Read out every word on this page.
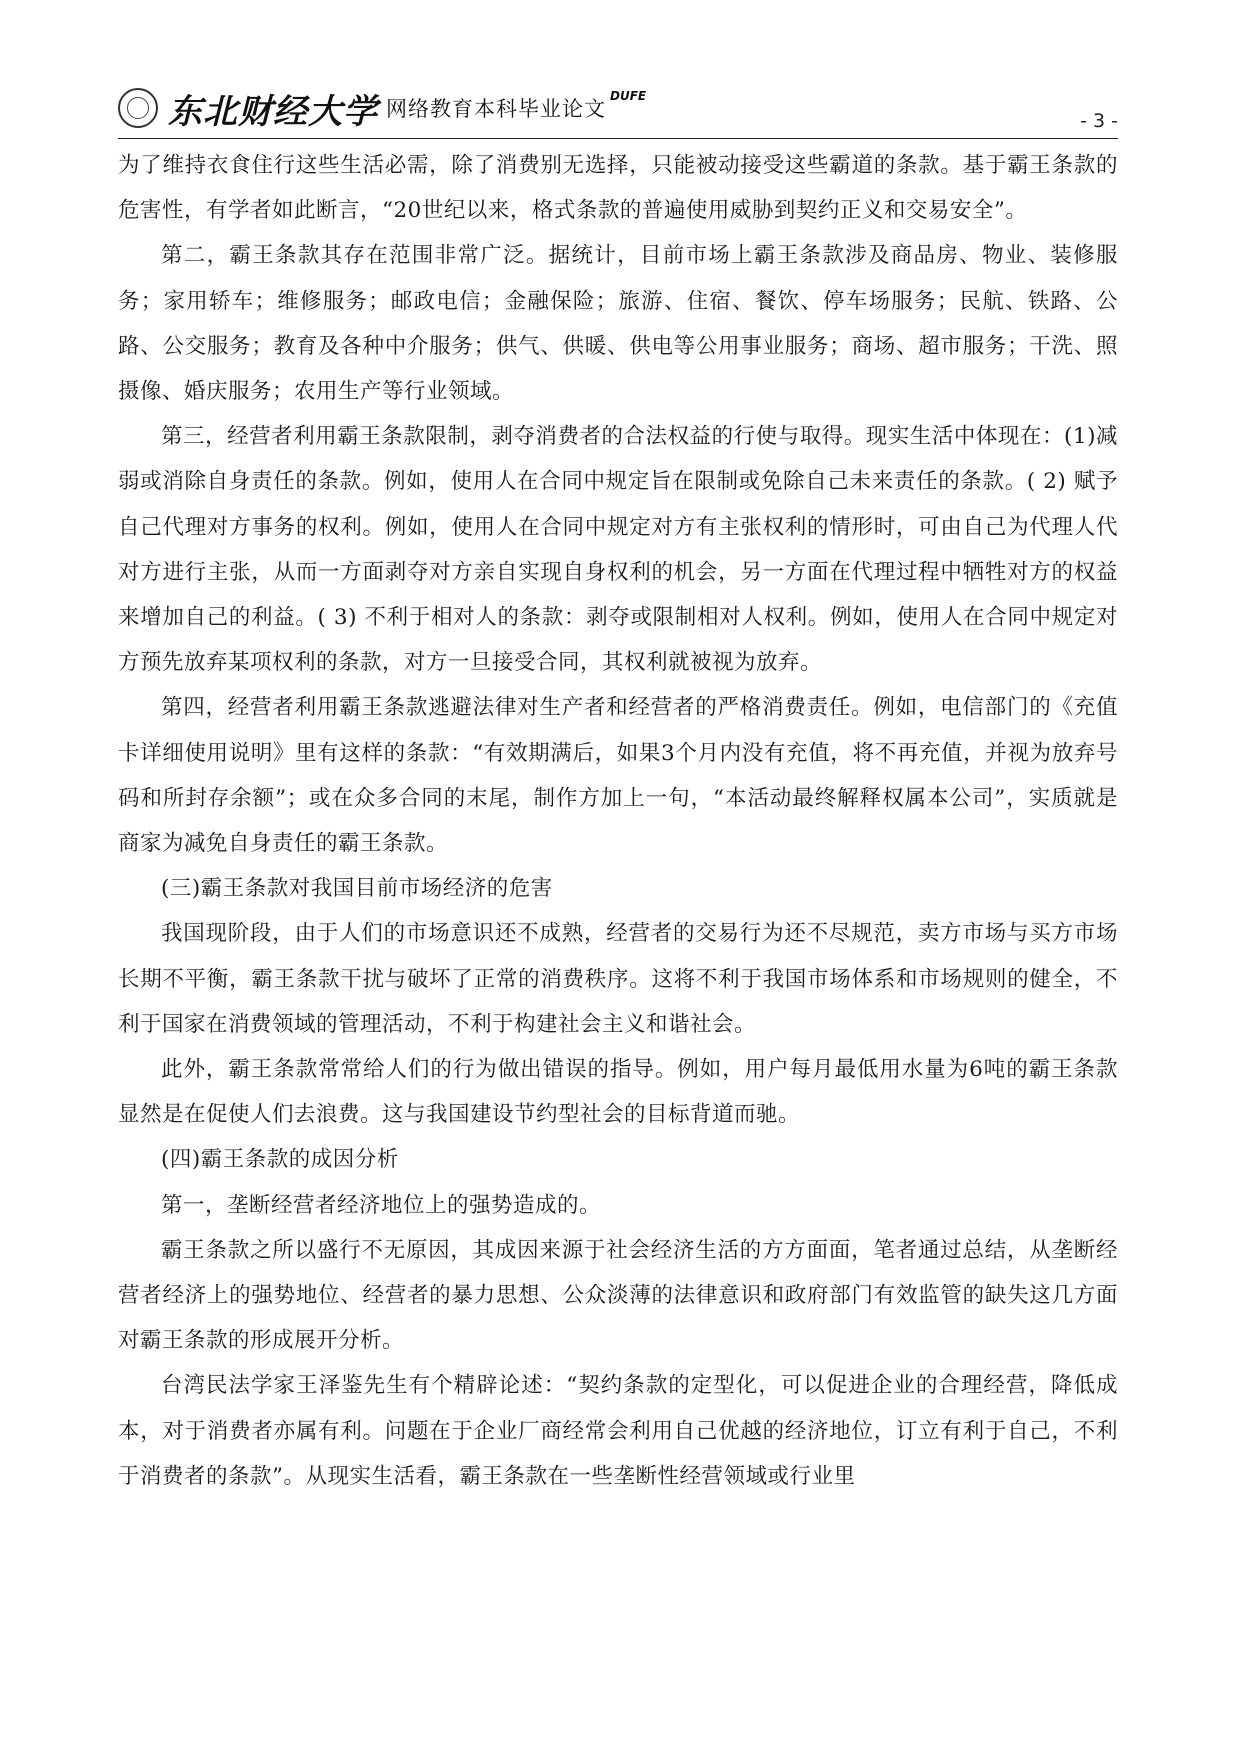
东北财经大学 网络教育本科毕业论文
DUFE
- 3 -

为了维持衣食住行这些生活必需，除了消费别无选择，只能被动接受这些霸道的条款。基于霸王条款的危害性，有学者如此断言，“20世纪以来，格式条款的普遍使用威胁到契约正义和交易安全”。

第二，霸王条款其存在范围非常广泛。据统计，目前市场上霸王条款涉及商品房、物业、装修服务；家用轿车；维修服务；邮政电信；金融保险；旅游、住宿、餐饮、停车场服务；民航、铁路、公路、公交服务；教育及各种中介服务；供气、供暖、供电等公用事业服务；商场、超市服务；干洗、照摄像、婚庆服务；农用生产等行业领域。

第三，经营者利用霸王条款限制，剥夺消费者的合法权益的行使与取得。现实生活中体现在：(1)减弱或消除自身责任的条款。例如，使用人在合同中规定旨在限制或免除自己未来责任的条款。( 2) 赋予自己代理对方事务的权利。例如，使用人在合同中规定对方有主张权利的情形时，可由自己为代理人代对方进行主张，从而一方面剥夺对方亲自实现自身权利的机会，另一方面在代理过程中牺牲对方的权益来增加自己的利益。( 3) 不利于相对人的条款：剥夺或限制相对人权利。例如，使用人在合同中规定对方预先放弃某项权利的条款，对方一旦接受合同，其权利就被视为放弃。

第四，经营者利用霸王条款逃避法律对生产者和经营者的严格消费责任。例如，电信部门的《充值卡详细使用说明》里有这样的条款：“有效期满后，如果3个月内没有充值，将不再充值，并视为放弃号码和所封存余额”；或在众多合同的末尾，制作方加上一句，“本活动最终解释权属本公司”，实质就是商家为减免自身责任的霸王条款。

(三)霸王条款对我国目前市场经济的危害

我国现阶段，由于人们的市场意识还不成熟，经营者的交易行为还不尽规范，卖方市场与买方市场长期不平衡，霸王条款干扰与破坏了正常的消费秩序。这将不利于我国市场体系和市场规则的健全，不利于国家在消费领域的管理活动，不利于构建社会主义和谐社会。

此外，霸王条款常常给人们的行为做出错误的指导。例如，用户每月最低用水量为6吨的霸王条款显然是在促使人们去浪费。这与我国建设节约型社会的目标背道而驰。

(四)霸王条款的成因分析

第一，垄断经营者经济地位上的强势造成的。

霸王条款之所以盛行不无原因，其成因来源于社会经济生活的方方面面，笔者通过总结，从垄断经营者经济上的强势地位、经营者的暴力思想、公众淡薄的法律意识和政府部门有效监管的缺失这几方面对霸王条款的形成展开分析。

台湾民法学家王泽鉴先生有个精辟论述：“契约条款的定型化，可以促进企业的合理经营，降低成本，对于消费者亦属有利。问题在于企业厂商经常会利用自己优越的经济地位，订立有利于自己，不利于消费者的条款”。从现实生活看，霸王条款在一些垄断性经营领域或行业里
